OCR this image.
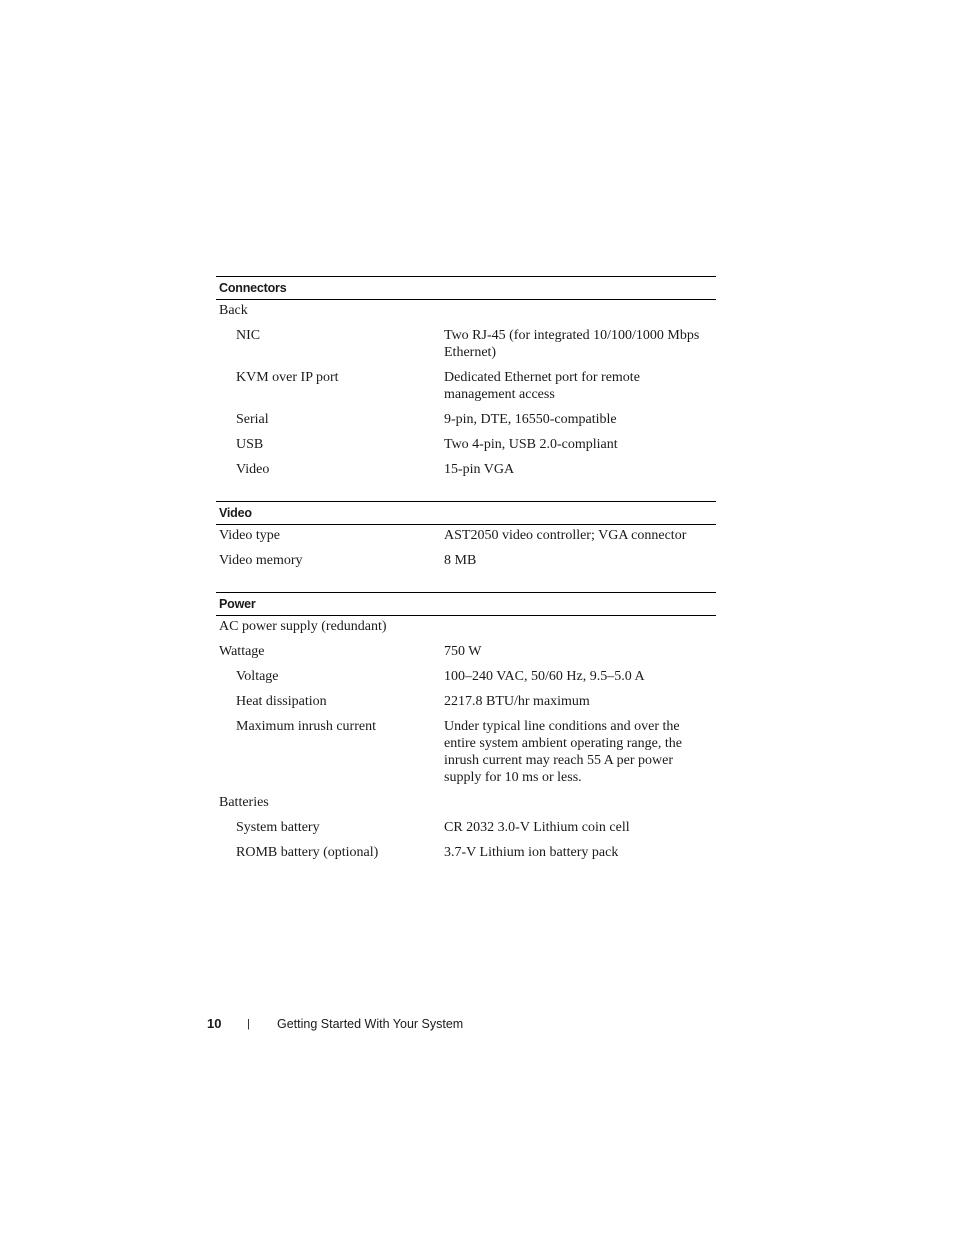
Connectors
Back
NIC	Two RJ-45 (for integrated 10/100/1000 Mbps Ethernet)
KVM over IP port	Dedicated Ethernet port for remote management access
Serial	9-pin, DTE, 16550-compatible
USB	Two 4-pin, USB 2.0-compliant
Video	15-pin VGA
Video
Video type	AST2050 video controller; VGA connector
Video memory	8 MB
Power
AC power supply (redundant)
Wattage	750 W
Voltage	100–240 VAC, 50/60 Hz, 9.5–5.0 A
Heat dissipation	2217.8 BTU/hr maximum
Maximum inrush current	Under typical line conditions and over the entire system ambient operating range, the inrush current may reach 55 A per power supply for 10 ms or less.
Batteries
System battery	CR 2032 3.0-V Lithium coin cell
ROMB battery (optional)	3.7-V Lithium ion battery pack
10	|	Getting Started With Your System
